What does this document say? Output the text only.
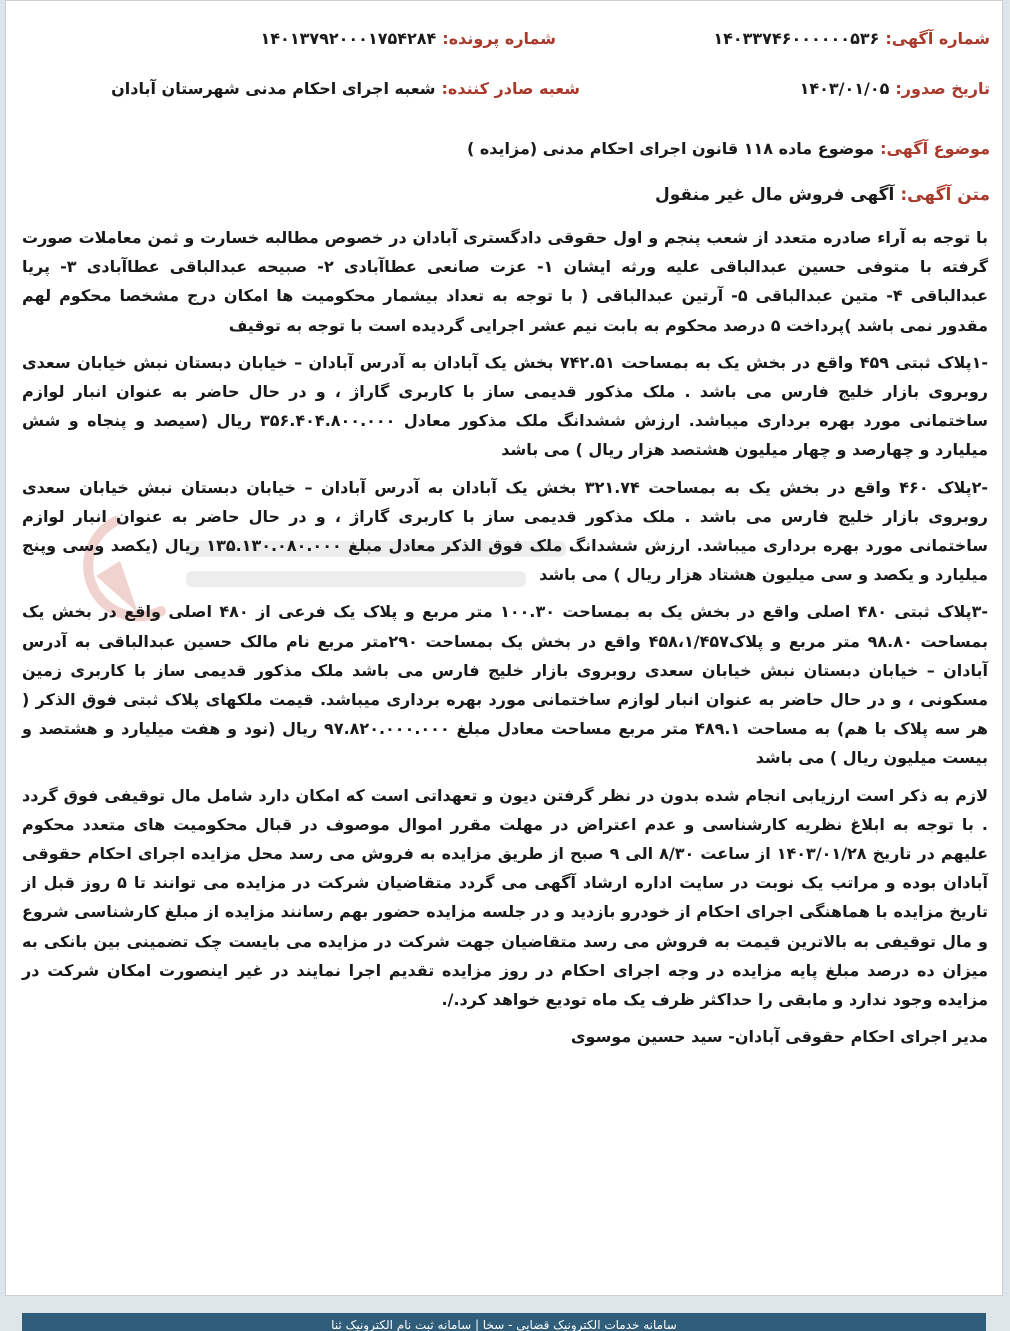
شماره آگهی:۱۴۰۳۳۷۴۶۰۰۰۰۰۰۵۳۶
شماره پرونده:۱۴۰۱۳۷۹۲۰۰۰۱۷۵۴۲۸۴
تاریخ صدور:۱۴۰۳/۰۱/۰۵
شعبه صادر کننده:شعبه اجرای احکام مدنی شهرستان آبادان
موضوع آگهی:موضوع ماده ۱۱۸ قانون اجرای احکام مدنی (مزایده )
متن آگهی:آگهی فروش مال غیر منقول

با توجه به آراء صادره متعدد از شعب پنجم و اول حقوقی دادگستری آبادان در خصوص مطالبه خسارت و ثمن معاملات صورت گرفته با متوفی حسین عبدالباقی علیه ورثه ایشان ۱- عزت صانعی عطاآبادی ۲- صبیحه عبدالباقی عطاآبادی ۳- پریا عبدالباقی ۴- متین عبدالباقی ۵- آرتین عبدالباقی ( با توجه به تعداد بیشمار محکومیت ها امکان درج مشخصا محکوم لهم مقدور نمی باشد )پرداخت ۵ درصد محکوم به بابت نیم عشر اجرایی گردیده است با توجه به توقیف

-۱پلاک ثبتی ۴۵۹ واقع در بخش یک به بمساحت ۷۴۲.۵۱ بخش یک آبادان به آدرس آبادان – خیابان دبستان نبش خیابان سعدی روبروی بازار خلیج فارس می باشد . ملک مذکور قدیمی ساز با کاربری گاراژ ، و در حال حاضر به عنوان انبار لوازم ساختمانی مورد بهره برداری میباشد. ارزش ششدانگ ملک مذکور معادل ۳۵۶.۴۰۴.۸۰۰.۰۰۰ ریال (سیصد و پنجاه و شش میلیارد و چهارصد و چهار میلیون هشتصد هزار ریال ) می باشد

-۲پلاک ۴۶۰ واقع در بخش یک به بمساحت ۳۲۱.۷۴ بخش یک آبادان به آدرس آبادان – خیابان دبستان نبش خیابان سعدی روبروی بازار خلیج فارس می باشد . ملک مذکور قدیمی ساز با کاربری گاراژ ، و در حال حاضر به عنوان انبار لوازم ساختمانی مورد بهره برداری میباشد. ارزش ششدانگ ملک فوق الذکر معادل مبلغ ۱۳۵.۱۳۰.۰۸۰.۰۰۰ ریال (یکصد وسی وپنج میلیارد و یکصد و سی میلیون هشتاد هزار ریال ) می باشد

-۳پلاک ثبتی ۴۸۰ اصلی واقع در بخش یک به بمساحت ۱۰۰.۳۰ متر مربع و پلاک یک فرعی از ۴۸۰ اصلی واقع در بخش یک بمساحت ۹۸.۸۰ متر مربع و پلاک۴۵۸،۱/۴۵۷ واقع در بخش یک بمساحت ۲۹۰متر مربع نام مالک حسین عبدالباقی به آدرس آبادان – خیابان دبستان نبش خیابان سعدی روبروی بازار خلیج فارس می باشد ملک مذکور قدیمی ساز با کاربری زمین مسکونی ، و در حال حاضر به عنوان انبار لوازم ساختمانی مورد بهره برداری میباشد. قیمت ملکهای پلاک ثبتی فوق الذکر ( هر سه پلاک با هم) به مساحت ۴۸۹.۱ متر مربع مساحت معادل مبلغ ۹۷.۸۲۰.۰۰۰.۰۰۰ ریال (نود و هفت میلیارد و هشتصد و بیست میلیون ریال ) می باشد

لازم به ذکر است ارزیابی انجام شده بدون در نظر گرفتن دیون و تعهداتی است که امکان دارد شامل مال توقیفی فوق گردد . با توجه به ابلاغ نظریه کارشناسی و عدم اعتراض در مهلت مقرر اموال موصوف در قبال محکومیت های متعدد محکوم علیهم در تاریخ ۱۴۰۳/۰۱/۲۸ از ساعت ۸/۳۰ الی ۹ صبح از طریق مزایده به فروش می رسد محل مزایده اجرای احکام حقوقی آبادان بوده و مراتب یک نوبت در سایت اداره ارشاد آگهی می گردد متقاضیان شرکت در مزایده می توانند تا ۵ روز قبل از تاریخ مزایده با هماهنگی اجرای احکام از خودرو بازدید و در جلسه مزایده حضور بهم رسانند مزایده از مبلغ کارشناسی شروع و مال توقیفی به بالاترین قیمت به فروش می رسد متقاضیان جهت شرکت در مزایده می بایست چک تضمینی بین بانکی به میزان ده درصد مبلغ پایه مزایده در وجه اجرای احکام در روز مزایده تقدیم اجرا نمایند در غیر اینصورت امکان شرکت در مزایده وجود ندارد و مابقی را حداکثر ظرف یک ماه تودیع خواهد کرد./.

مدیر اجرای احکام حقوقی آبادان- سید حسین موسوی

سامانه خدمات الکترونیک قضایی - سخا | سامانه ثبت نام الکترونیک ثنا
